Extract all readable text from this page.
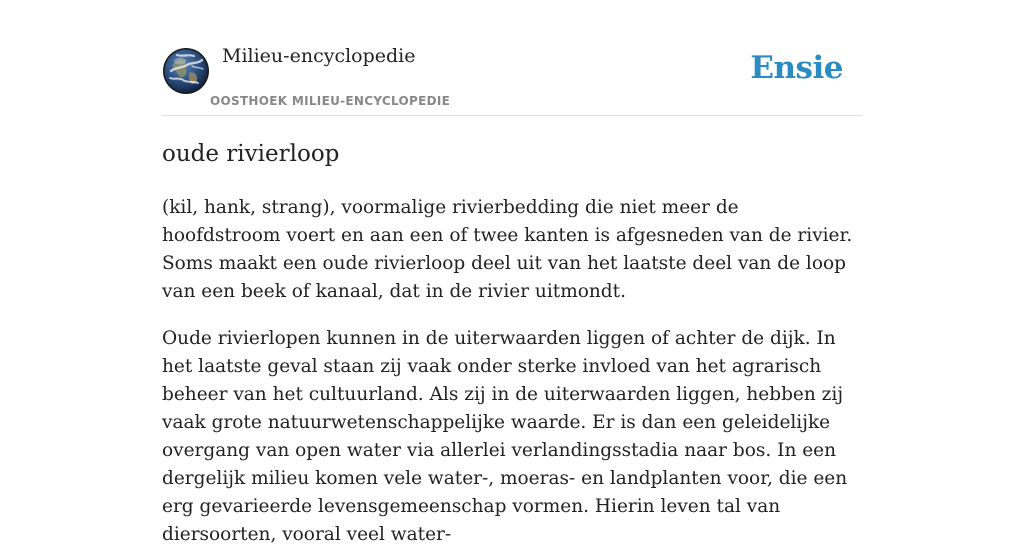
Milieu-encyclopedie
OOSTHOEK MILIEU-ENCYCLOPEDIE
Ensie
oude rivierloop

(kil, hank, strang), voormalige rivierbedding die niet meer de hoofdstroom voert en aan een of twee kanten is afgesneden van de rivier. Soms maakt een oude rivierloop deel uit van het laatste deel van de loop van een beek of kanaal, dat in de rivier uitmondt.

Oude rivierlopen kunnen in de uiterwaarden liggen of achter de dijk. In het laatste geval staan zij vaak onder sterke invloed van het agrarisch beheer van het cultuurland. Als zij in de uiterwaarden liggen, hebben zij vaak grote natuurwetenschappelijke waarde. Er is dan een geleidelijke overgang van open water via allerlei verlandingsstadia naar bos. In een dergelijk milieu komen vele water-, moeras- en landplanten voor, die een erg gevarieerde levensgemeenschap vormen. Hierin leven tal van diersoorten, vooral veel water-
